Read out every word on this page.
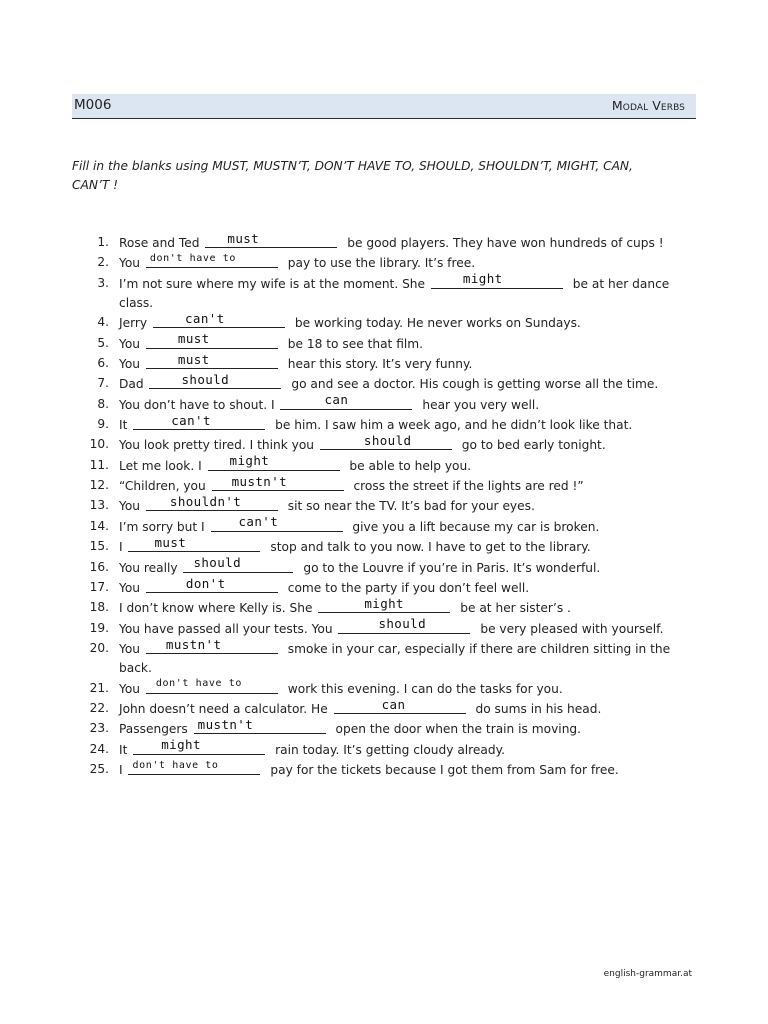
M006	Modal Verbs
Fill in the blanks using MUST, MUSTN’T, DON’T HAVE TO, SHOULD, SHOULDN’T, MIGHT, CAN, CAN’T !
1. Rose and Ted must	be good players. They have won hundreds of cups !
2. You don't have to	pay to use the library. It’s free.
3. I’m not sure where my wife is at the moment. She	might	be at her dance class.
4. Jerry	can't	be working today. He never works on Sundays.
5. You	must	be 18 to see that film.
6. You	must	hear this story. It’s very funny.
7. Dad	should	go and see a doctor. His cough is getting worse all the time.
8. You don’t have to shout. I	can	hear you very well.
9. It	can't	be him. I saw him a week ago, and he didn’t look like that.
10. You look pretty tired. I think you	should	go to bed early tonight.
11. Let me look. I might	be able to help you.
12. “Children, you mustn't	cross the street if the lights are red !”
13. You shouldn't	sit so near the TV. It’s bad for your eyes.
14. I’m sorry but I	can't	give you a lift because my car is broken.
15. I	must	stop and talk to you now. I have to get to the library.
16. You really should	go to the Louvre if you’re in Paris. It’s wonderful.
17. You	don't	come to the party if you don’t feel well.
18. I don’t know where Kelly is. She	might	be at her sister’s .
19. You have passed all your tests. You	should	be very pleased with yourself.
20. You mustn't	smoke in your car, especially if there are children sitting in the back.
21. You don't have to	work this evening. I can do the tasks for you.
22. John doesn’t need a calculator. He	can	do sums in his head.
23. Passengers mustn't	open the door when the train is moving.
24. It	might	rain today. It’s getting cloudy already.
25. I don't have to	pay for the tickets because I got them from Sam for free.
english-grammar.at
